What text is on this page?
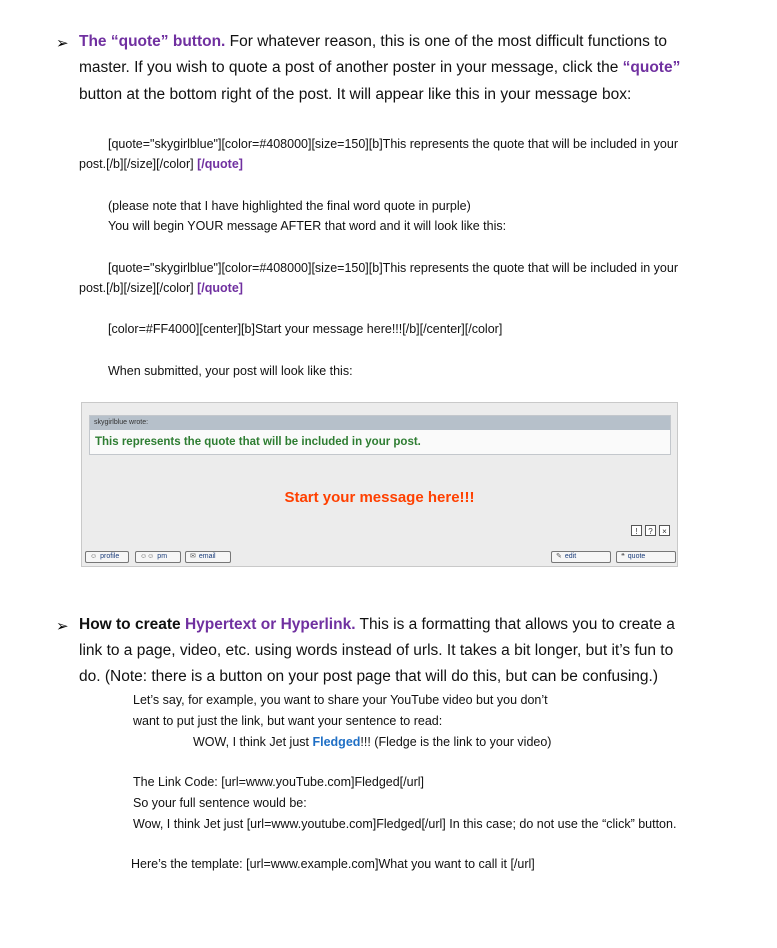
➢ The “quote” button. For whatever reason, this is one of the most difficult functions to
master. If you wish to quote a post of another poster in your message, click the “quote”
button at the bottom right of the post. It will appear like this in your message box:
[quote="skygirlblue"][color=#408000][size=150][b]This represents the quote that will be included in your
post.[/b][/size][/color] [/quote]
(please note that I have highlighted the final word quote in purple)
You will begin YOUR message AFTER that word and it will look like this:
[quote="skygirlblue"][color=#408000][size=150][b]This represents the quote that will be included in your
post.[/b][/size][/color] [/quote]
[color=#FF4000][center][b]Start your message here!!![/b][/center][/color]
When submitted, your post will look like this:
skygirlblue wrote:
This represents the quote that will be included in your post.
Start your message here!!!
!	?	×
☺ profile	☺☺ pm	✉ email	✎ edit	❝ quote
➢ How to create Hypertext or Hyperlink. This is a formatting that allows you to create a
link to a page, video, etc. using words instead of urls. It takes a bit longer, but it’s fun to
do. (Note: there is a button on your post page that will do this, but can be confusing.)
Let’s say, for example, you want to share your YouTube video but you don’t
want to put just the link, but want your sentence to read:
WOW, I think Jet just Fledged!!! (Fledge is the link to your video)
The Link Code: [url=www.youTube.com]Fledged[/url]
So your full sentence would be:
Wow, I think Jet just [url=www.youtube.com]Fledged[/url] In this case; do not use the “click” button.
Here’s the template: [url=www.example.com]What you want to call it [/url]
